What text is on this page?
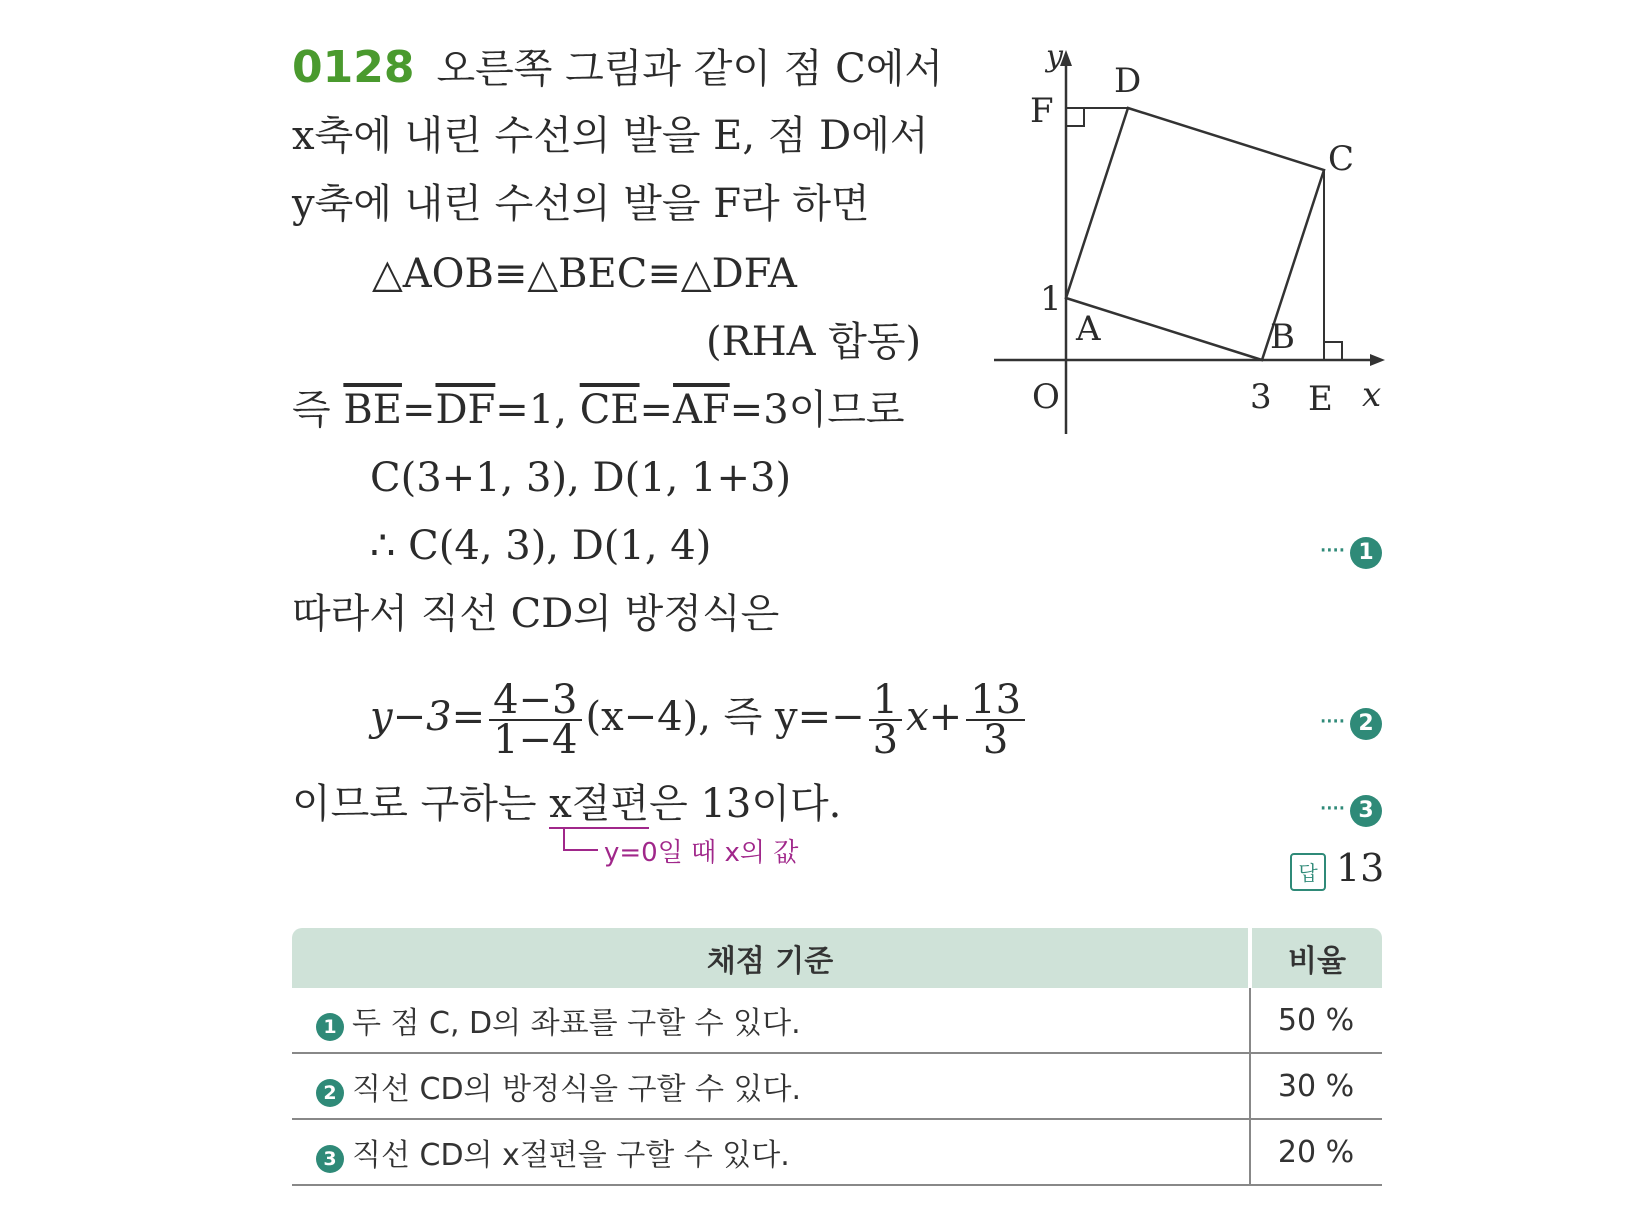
0128 오른쪽 그림과 같이 점 C에서
x축에 내린 수선의 발을 E, 점 D에서
y축에 내린 수선의 발을 F라 하면
△AOB≡△BEC≡△DFA
(RHA 합동)
즉 $\overline{BE}=\overline{DF}=1$, $\overline{CE}=\overline{AF}=3$이므로
C(3+1, 3), D(1, 1+3)
∴ C(4, 3), D(1, 4)	···· 1
따라서 직선 CD의 방정식은
$y-3= \frac{4-3}{1-4} (x-4)$, 즉 $y=- \frac{1}{3} x+ \frac{13}{3}$	···· 2
이므로 구하는 x절편은 13이다.	···· 3
y=0일 때 x의 값
답 13
y
x
O
A	B
C
D
E
F
1
3
채점 기준	비율
1 두 점 C, D의 좌표를 구할 수 있다.	50 %
2 직선 CD의 방정식을 구할 수 있다.	30 %
3 직선 CD의 x절편을 구할 수 있다.	20 %
